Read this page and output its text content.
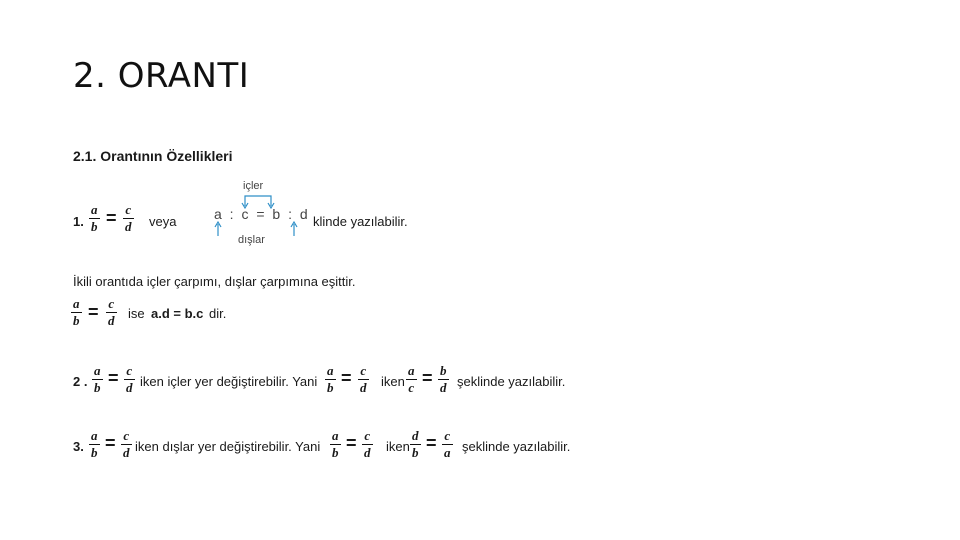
2. ORANTI
2.1. Orantının Özellikleri
1.
a
b = c
d veya
içler
a : c = b : d
dışlar
klinde yazılabilir.
İkili orantıda içler çarpımı, dışlar çarpımına eşittir.
a
b = c
d ise a.d = b.c dir.
2 .
a
b = c
d iken içler yer değiştirebilir. Yani
a
b = c
d iken
a
c = b
d şeklinde yazılabilir.
3.
a
b = c
d iken dışlar yer değiştirebilir. Yani
a
b = c
d iken
d
b = c
a şeklinde yazılabilir.
